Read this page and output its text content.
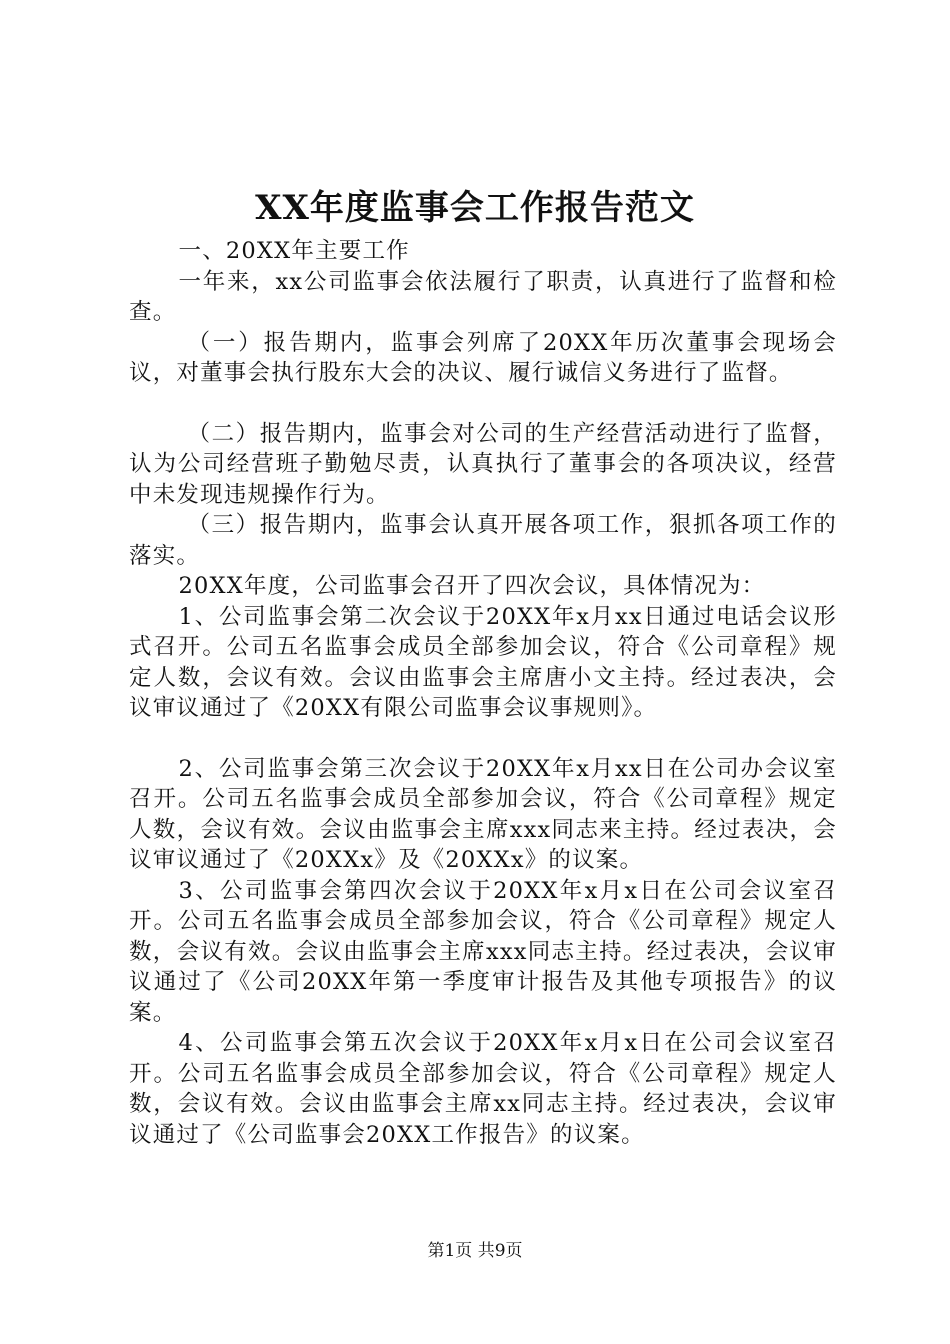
XX年度监事会工作报告范文

一、20XX年主要工作

一年来，xx公司监事会依法履行了职责，认真进行了监督和检查。

（一）报告期内，监事会列席了20XX年历次董事会现场会议，对董事会执行股东大会的决议、履行诚信义务进行了监督。

（二）报告期内，监事会对公司的生产经营活动进行了监督，认为公司经营班子勤勉尽责，认真执行了董事会的各项决议，经营中未发现违规操作行为。

（三）报告期内，监事会认真开展各项工作，狠抓各项工作的落实。

20XX年度，公司监事会召开了四次会议，具体情况为：

1、公司监事会第二次会议于20XX年x月xx日通过电话会议形式召开。公司五名监事会成员全部参加会议，符合《公司章程》规定人数，会议有效。会议由监事会主席唐小文主持。经过表决，会议审议通过了《20XX有限公司监事会议事规则》。

2、公司监事会第三次会议于20XX年x月xx日在公司办会议室召开。公司五名监事会成员全部参加会议，符合《公司章程》规定人数，会议有效。会议由监事会主席xxx同志来主持。经过表决，会议审议通过了《20XXx》及《20XXx》的议案。

3、公司监事会第四次会议于20XX年x月x日在公司会议室召开。公司五名监事会成员全部参加会议，符合《公司章程》规定人数，会议有效。会议由监事会主席xxx同志主持。经过表决，会议审议通过了《公司20XX年第一季度审计报告及其他专项报告》的议案。

4、公司监事会第五次会议于20XX年x月x日在公司会议室召开。公司五名监事会成员全部参加会议，符合《公司章程》规定人数，会议有效。会议由监事会主席xx同志主持。经过表决，会议审议通过了《公司监事会20XX工作报告》的议案。

第1页 共9页
